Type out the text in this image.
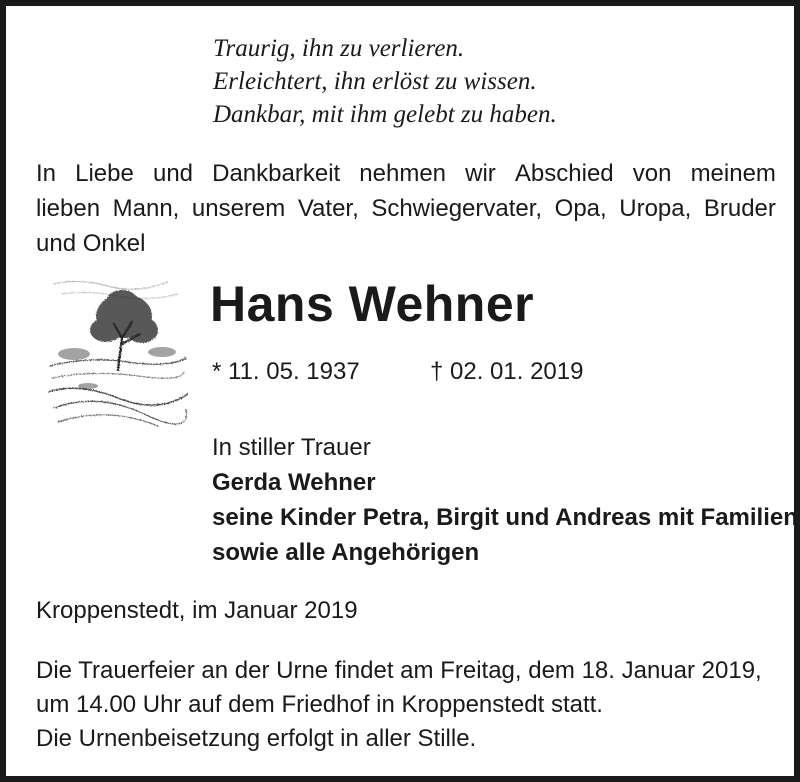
Traurig, ihn zu verlieren.
Erleichtert, ihn erlöst zu wissen.
Dankbar, mit ihm gelebt zu haben.
In Liebe und Dankbarkeit nehmen wir Abschied von meinem
lieben Mann, unserem Vater, Schwiegervater, Opa, Uropa, Bruder
und Onkel
Hans Wehner
* 11. 05. 1937	† 02. 01. 2019
In stiller Trauer
Gerda Wehner
seine Kinder Petra, Birgit und Andreas mit Familien
sowie alle Angehörigen
Kroppenstedt, im Januar 2019
Die Trauerfeier an der Urne findet am Freitag, dem 18. Januar 2019,
um 14.00 Uhr auf dem Friedhof in Kroppenstedt statt.
Die Urnenbeisetzung erfolgt in aller Stille.
